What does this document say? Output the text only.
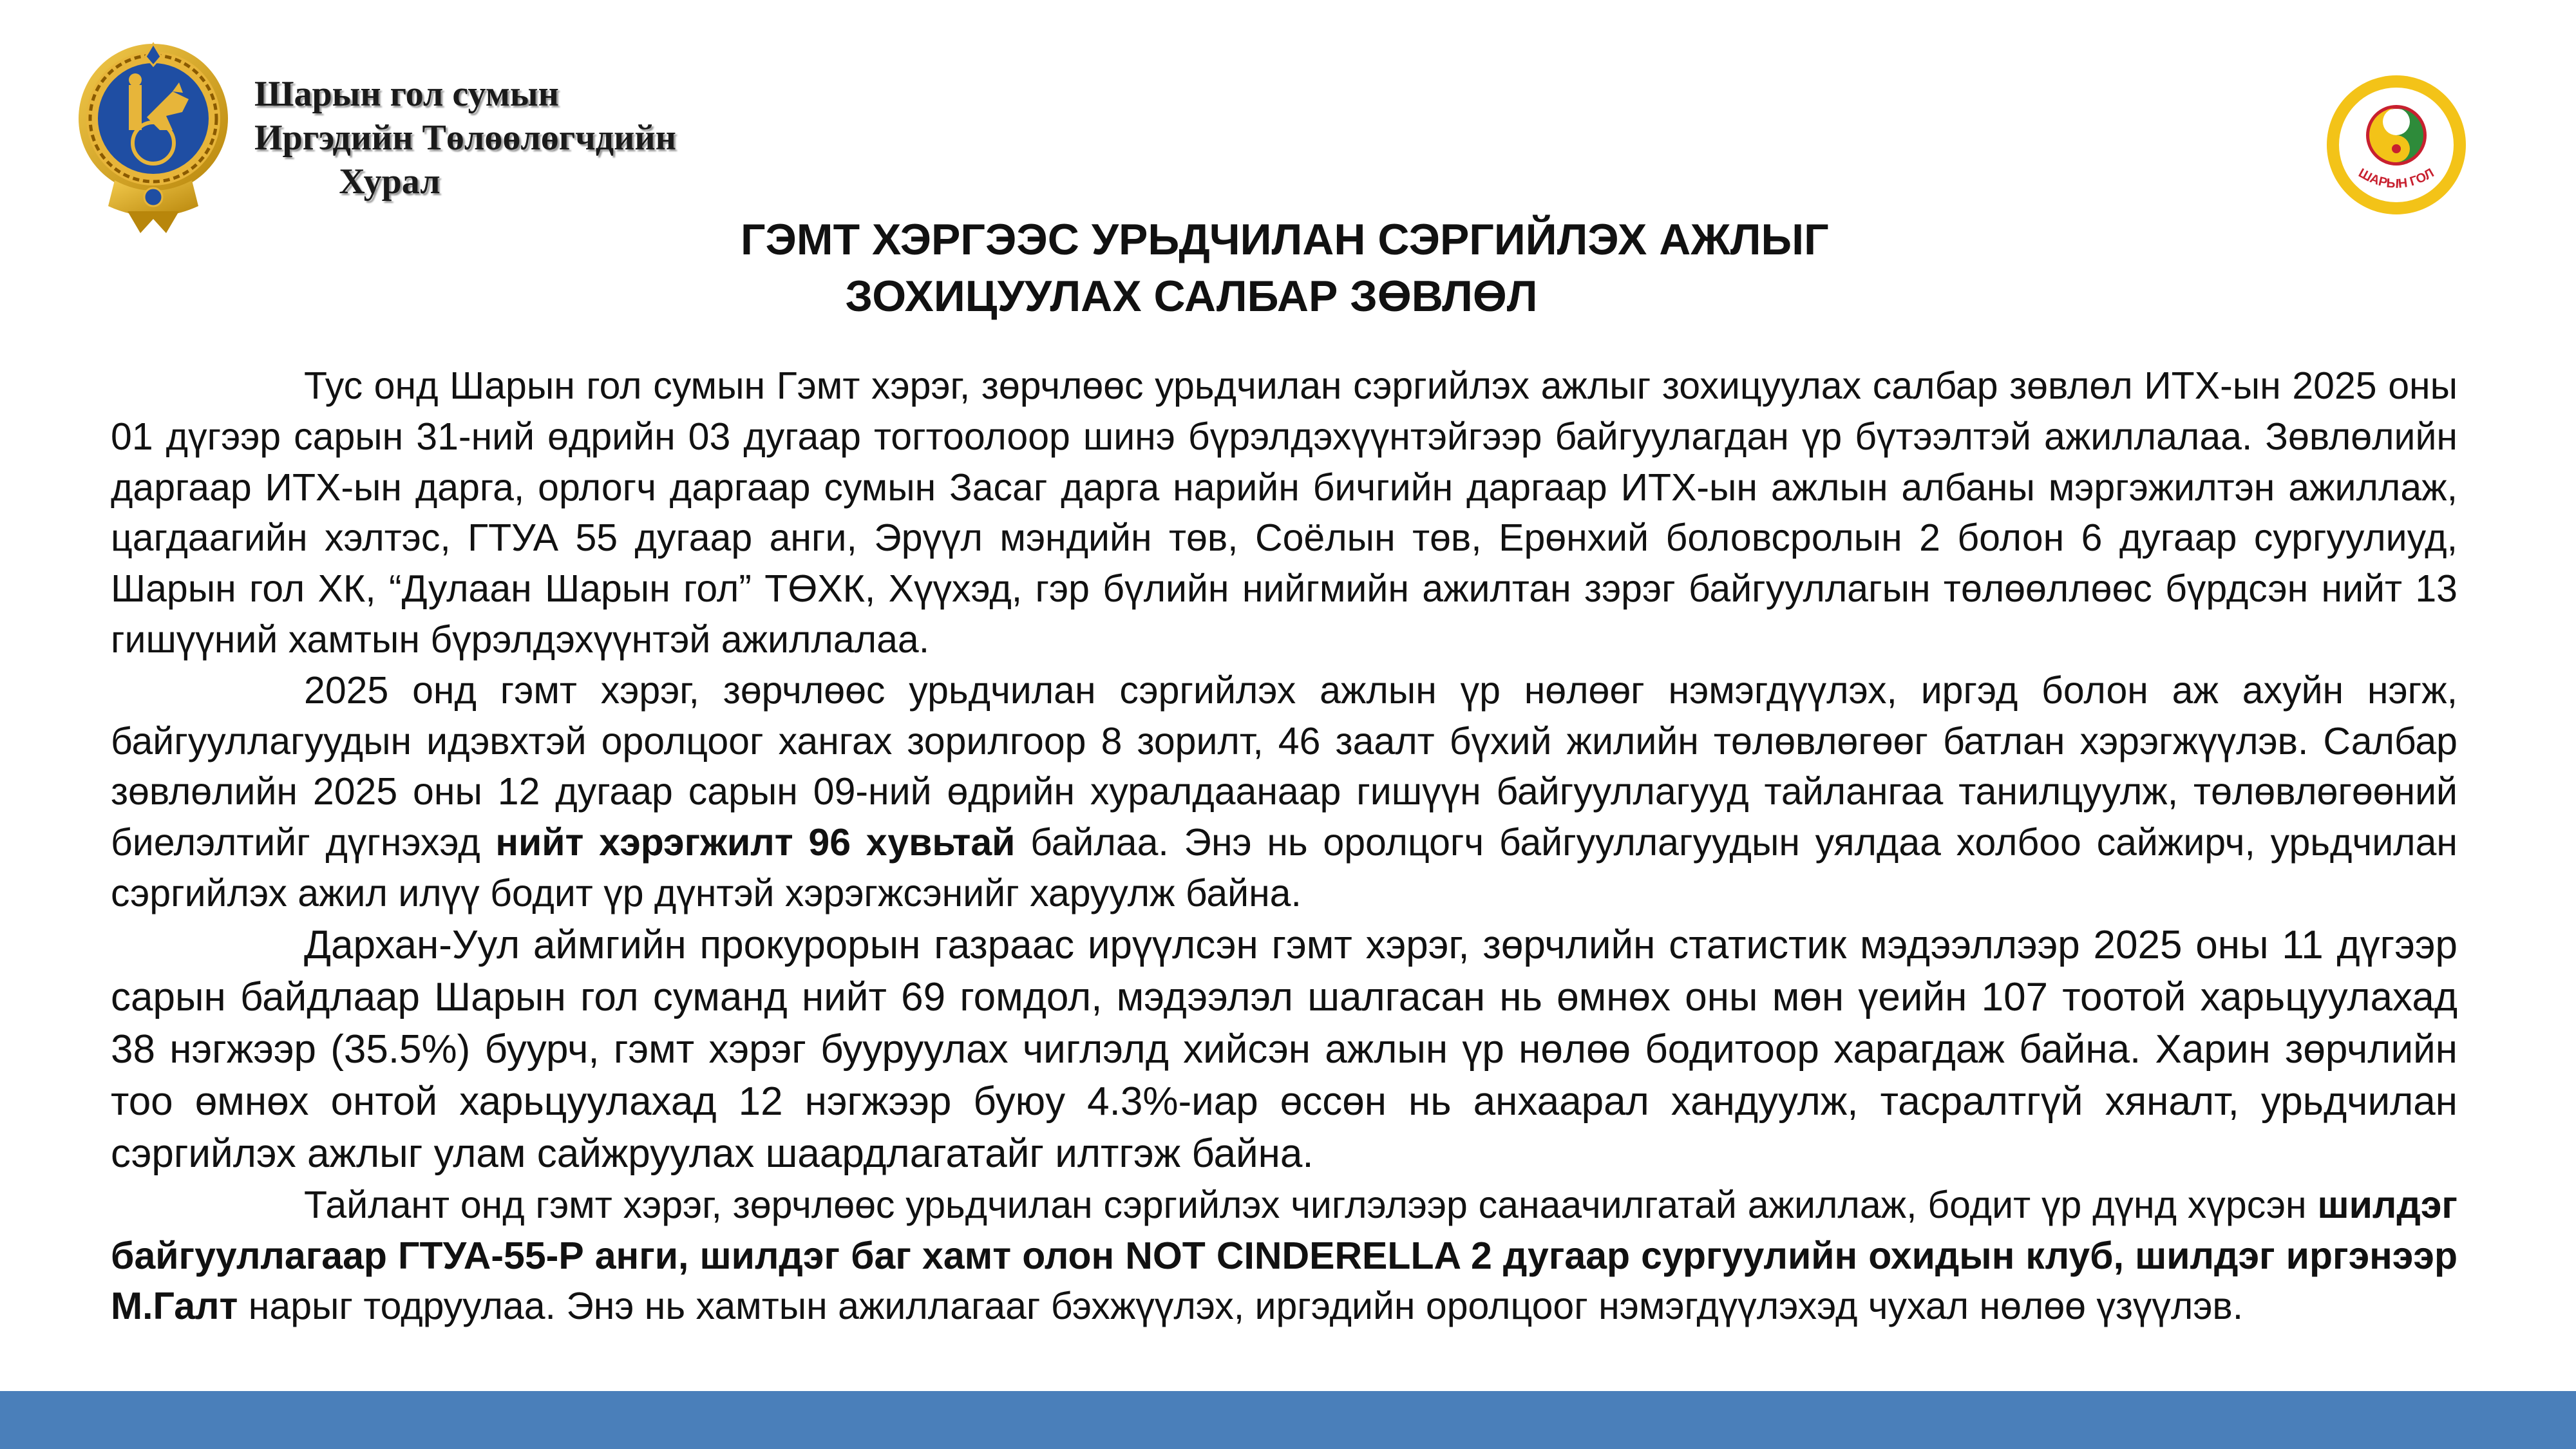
Шарын гол сумын
Иргэдийн Төлөөлөгчдийн
Хурал	ШАРЫН ГОЛ
ГЭМТ ХЭРГЭЭС УРЬДЧИЛАН СЭРГИЙЛЭХ АЖЛЫГ
ЗОХИЦУУЛАХ САЛБАР ЗӨВЛӨЛ

Тус онд Шарын гол сумын Гэмт хэрэг, зөрчлөөс урьдчилан сэргийлэх ажлыг зохицуулах салбар зөвлөл ИТХ-ын 2025 оны 01 дүгээр сарын 31-ний өдрийн 03 дугаар тогтоолоор шинэ бүрэлдэхүүнтэйгээр байгуулагдан үр бүтээлтэй ажиллалаа. Зөвлөлийн даргаар ИТХ-ын дарга, орлогч даргаар сумын Засаг дарга нарийн бичгийн даргаар ИТХ-ын ажлын албаны мэргэжилтэн ажиллаж, цагдаагийн хэлтэс, ГТУА 55 дугаар анги, Эрүүл мэндийн төв, Соёлын төв, Ерөнхий боловсролын 2 болон 6 дугаар сургуулиуд, Шарын гол ХК, “Дулаан Шарын гол” ТӨХК, Хүүхэд, гэр бүлийн нийгмийн ажилтан зэрэг байгууллагын төлөөллөөс бүрдсэн нийт 13 гишүүний хамтын бүрэлдэхүүнтэй ажиллалаа.

2025 онд гэмт хэрэг, зөрчлөөс урьдчилан сэргийлэх ажлын үр нөлөөг нэмэгдүүлэх, иргэд болон аж ахуйн нэгж, байгууллагуудын идэвхтэй оролцоог хангах зорилгоор 8 зорилт, 46 заалт бүхий жилийн төлөвлөгөөг батлан хэрэгжүүлэв. Салбар зөвлөлийн 2025 оны 12 дугаар сарын 09-ний өдрийн хуралдаанаар гишүүн байгууллагууд тайлангаа танилцуулж, төлөвлөгөөний биелэлтийг дүгнэхэд нийт хэрэгжилт 96 хувьтай байлаа. Энэ нь оролцогч байгууллагуудын уялдаа холбоо сайжирч, урьдчилан сэргийлэх ажил илүү бодит үр дүнтэй хэрэгжсэнийг харуулж байна.

Дархан-Уул аймгийн прокурорын газраас ирүүлсэн гэмт хэрэг, зөрчлийн статистик мэдээллээр 2025 оны 11 дүгээр сарын байдлаар Шарын гол суманд нийт 69 гомдол, мэдээлэл шалгасан нь өмнөх оны мөн үеийн 107 тоотой харьцуулахад 38 нэгжээр (35.5%) буурч, гэмт хэрэг бууруулах чиглэлд хийсэн ажлын үр нөлөө бодитоор харагдаж байна. Харин зөрчлийн тоо өмнөх онтой харьцуулахад 12 нэгжээр буюу 4.3%-иар өссөн нь анхаарал хандуулж, тасралтгүй хяналт, урьдчилан сэргийлэх ажлыг улам сайжруулах шаардлагатайг илтгэж байна.

Тайлант онд гэмт хэрэг, зөрчлөөс урьдчилан сэргийлэх чиглэлээр санаачилгатай ажиллаж, бодит үр дүнд хүрсэн шилдэг байгууллагаар ГТУА-55-Р анги, шилдэг баг хамт олон NOT CINDERELLA 2 дугаар сургуулийн охидын клуб, шилдэг иргэнээр М.Галт нарыг тодруулаа. Энэ нь хамтын ажиллагааг бэхжүүлэх, иргэдийн оролцоог нэмэгдүүлэхэд чухал нөлөө үзүүлэв.
